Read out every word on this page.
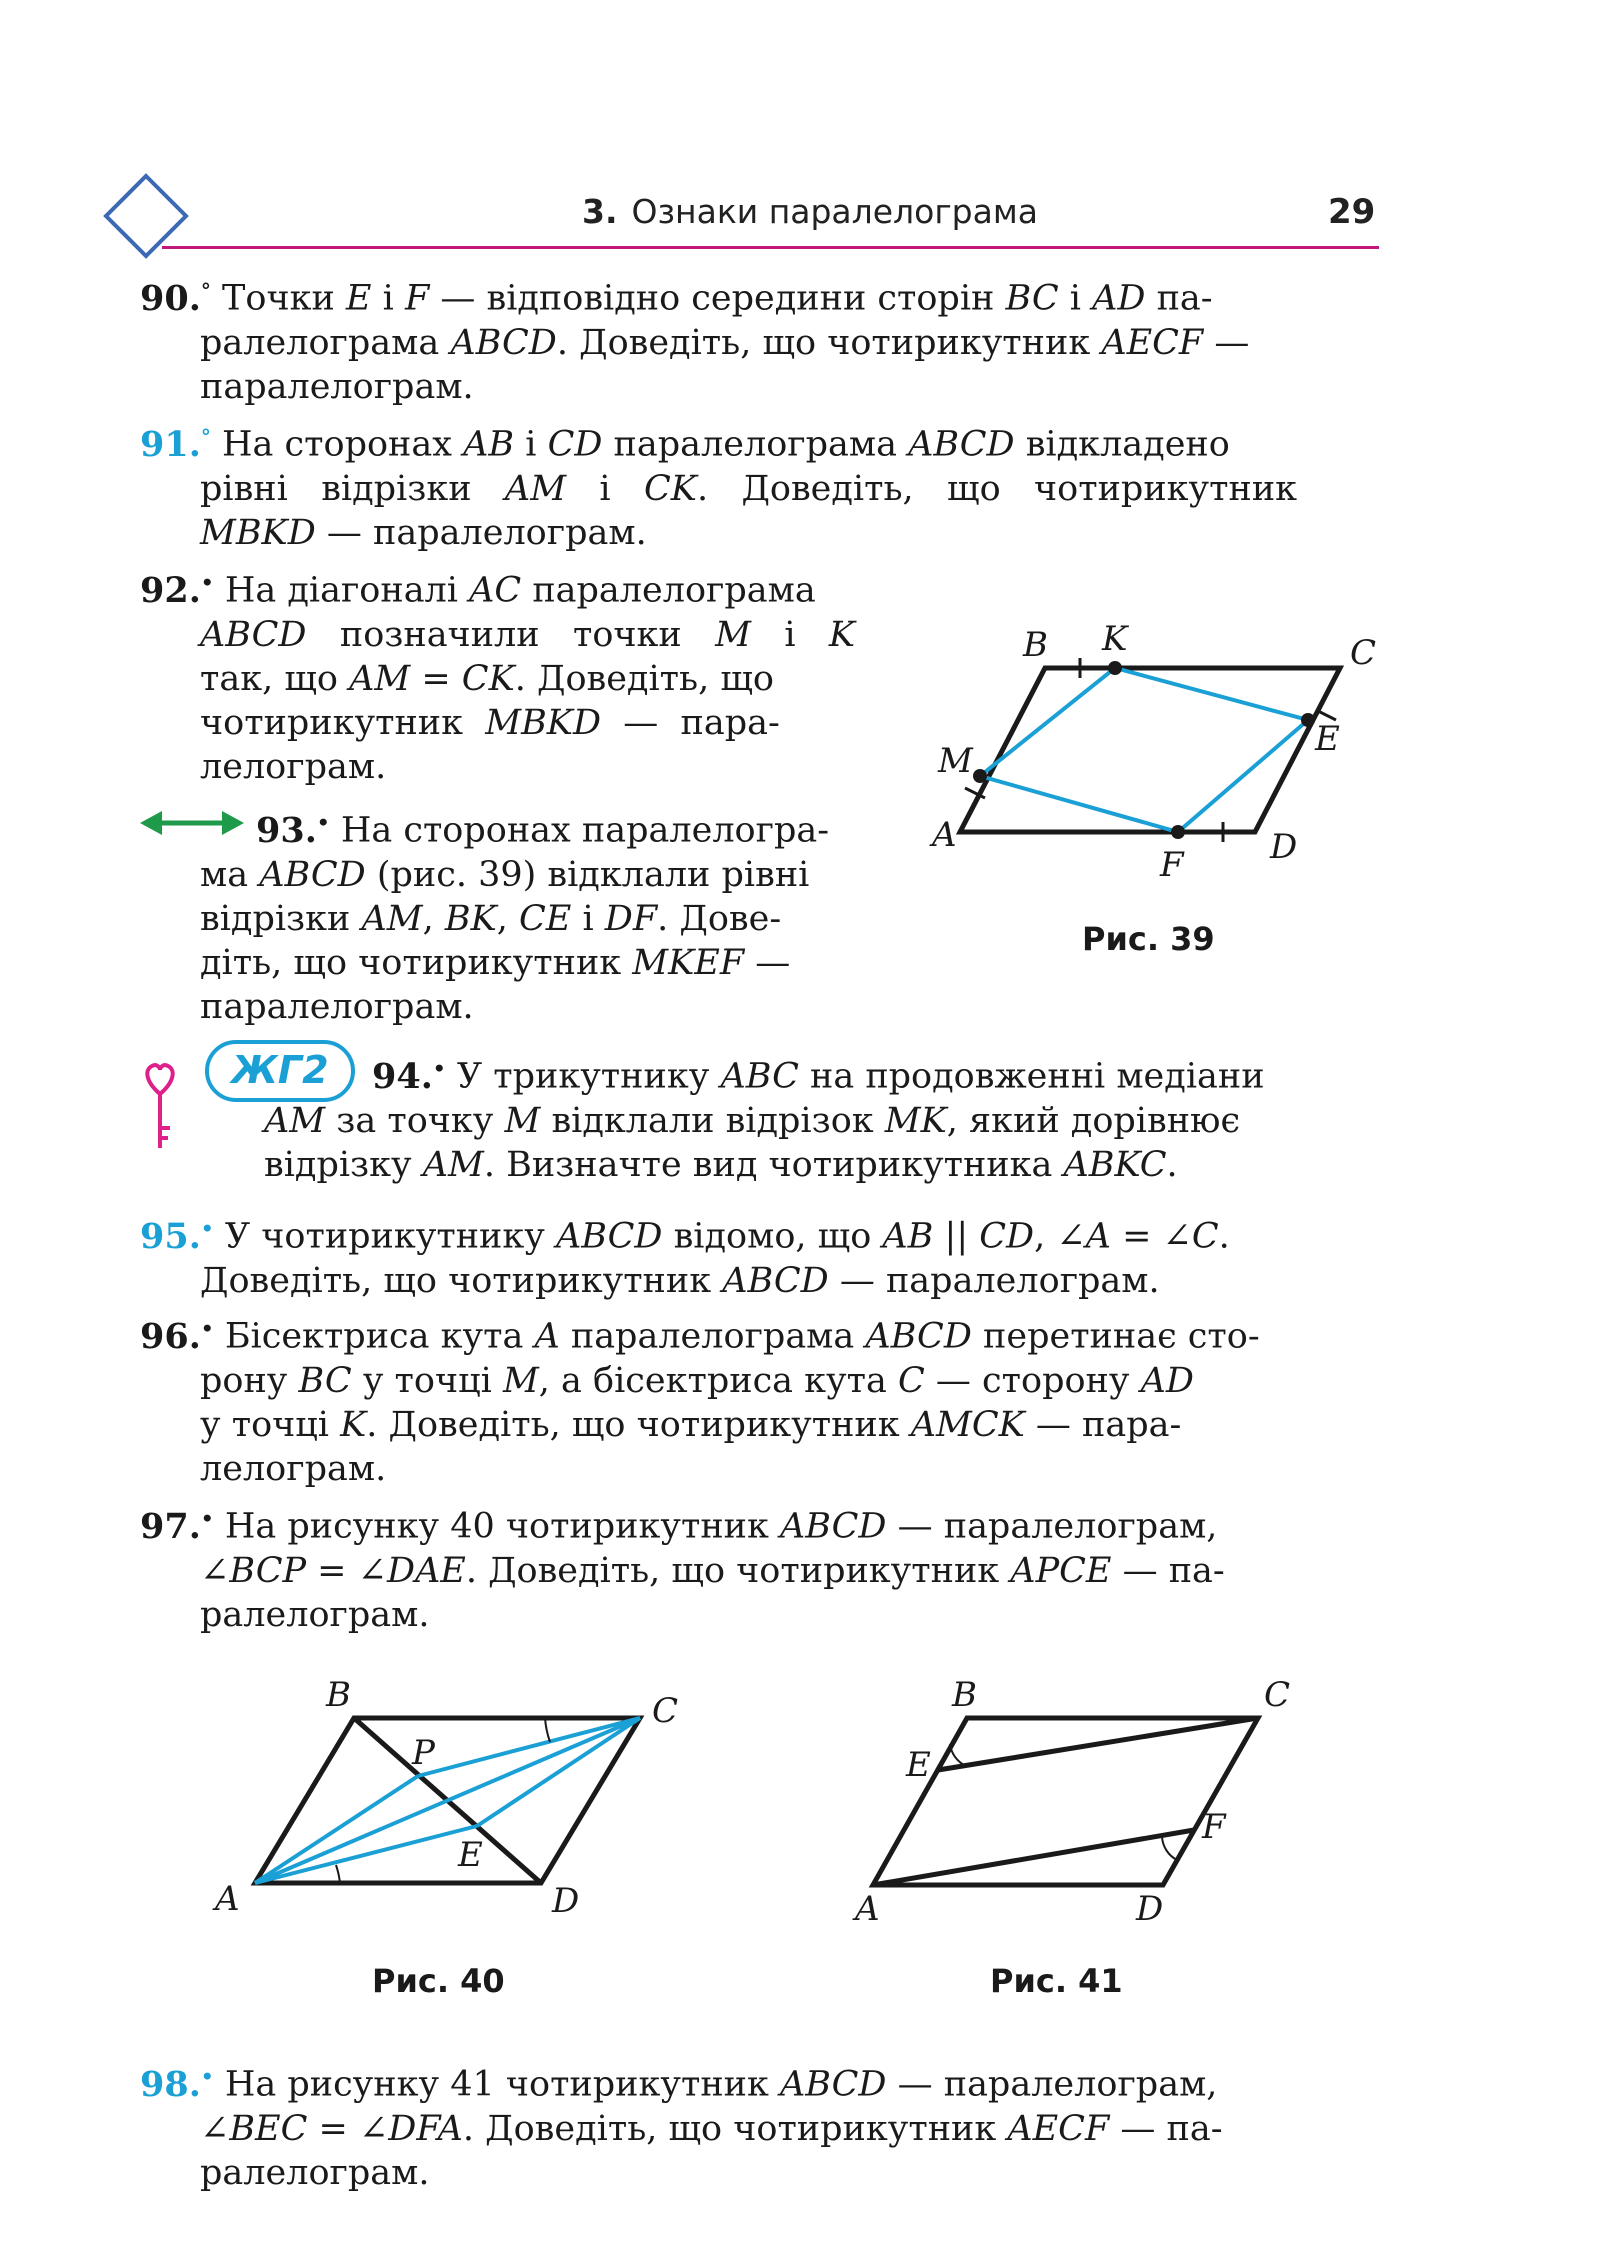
3. Ознаки паралелограма	29
90.° Точки E і F — відповідно середини сторін BC і AD па-
ралелограма ABCD. Доведіть, що чотирикутник AECF —
паралелограм.
91.° На сторонах AB і CD паралелограма ABCD відкладено
рівні   відрізки   AM   і   CK.   Доведіть,   що   чотирикутник
MBKD — паралелограм.
92.• На діагоналі AC паралелограма
ABCD   позначили   точки   M   і   K
так, що AM = CK. Доведіть, що
чотирикутник  MBKD  —  пара-
лелограм.
93.• На сторонах паралелогра-
ма ABCD (рис. 39) відклали рівні
відрізки AM, BK, CE і DF. Дове-
діть, що чотирикутник MKEF —
паралелограм.
B K	C
E
A
F	D
M
Рис. 39
ЖГ2	94.• У трикутнику ABC на продовженні медіани
AM за точку M відклали відрізок MK, який дорівнює
відрізку AM. Визначте вид чотирикутника ABKC.
95.• У чотирикутнику ABCD відомо, що AB || CD, ∠A = ∠C.
Доведіть, що чотирикутник ABCD — паралелограм.
96.• Бісектриса кута A паралелограма ABCD перетинає сто-
рону BC у точці M, а бісектриса кута C — сторону AD
у точці K. Доведіть, що чотирикутник AMCK — пара-
лелограм.
97.• На рисунку 40 чотирикутник ABCD — паралелограм,
∠BCP = ∠DAE. Доведіть, що чотирикутник APCE — па-
ралелограм.
B	C
A	D
P
E
Рис. 40
B	C
E
F
A	D
Рис. 41
98.• На рисунку 41 чотирикутник ABCD — паралелограм,
∠BEC = ∠DFA. Доведіть, що чотирикутник AECF — па-
ралелограм.
